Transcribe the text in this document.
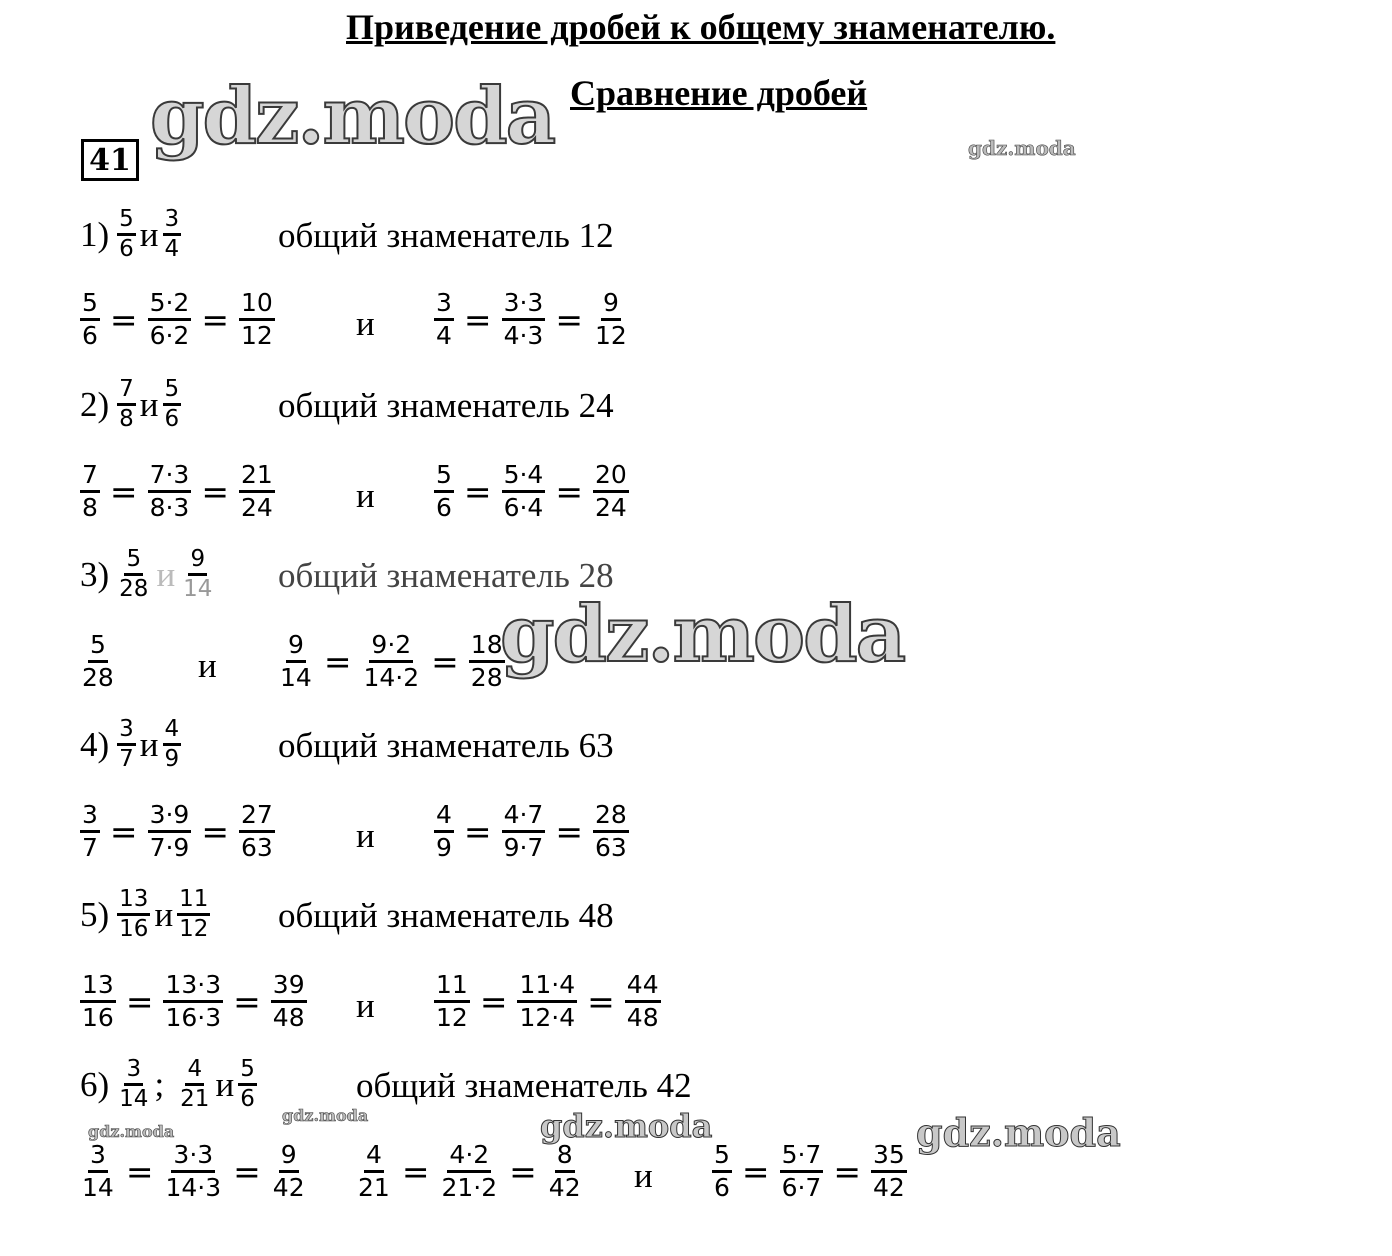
Приведение дробей к общему знаменателю.
Сравнение дробей
41 gdz.moda	gdz.moda
gdz.moda
gdz.moda
gdz.moda	gdz.moda	gdz.moda
$1) \frac{5}{6}$ и $\frac{3}{4}$	общий знаменатель 12
$\frac{5}{6} = \frac{5\cdot 2}{6\cdot 2} = \frac{10}{12}$ и $\frac{3}{4} = \frac{3\cdot 3}{4\cdot 3} = \frac{9}{12}$
$2) \frac{7}{8}$ и $\frac{5}{6}$	общий знаменатель 24
$\frac{7}{8} = \frac{7\cdot 3}{8\cdot 3} = \frac{21}{24}$ и $\frac{5}{6} = \frac{5\cdot 4}{6\cdot 4} = \frac{20}{24}$
$3) \frac{5}{28}$ и $\frac{9}{14}$ общий знаменатель 28
$\frac{5}{28}$ и $\frac{9}{14} = \frac{9\cdot 2}{14\cdot 2} = \frac{18}{28}$
$4) \frac{3}{7}$ и $\frac{4}{9}$	общий знаменатель 63
$\frac{3}{7} = \frac{3\cdot 9}{7\cdot 9} = \frac{27}{63}$ и $\frac{4}{9} = \frac{4\cdot 7}{9\cdot 7} = \frac{28}{63}$
$5) \frac{13}{16}$ и $\frac{11}{12}$ общий знаменатель 48
$\frac{13}{16} = \frac{13\cdot 3}{16\cdot 3} = \frac{39}{48}$ и $\frac{11}{12} = \frac{11\cdot 4}{12\cdot 4} = \frac{44}{48}$
$6) \frac{3}{14}$ ; $\frac{4}{21}$ и $\frac{5}{6}$	общий знаменатель 42
$\frac{3}{14} = \frac{3\cdot 3}{14\cdot 3} = \frac{9}{42} \frac{4}{21} = \frac{4\cdot 2}{21\cdot 2} = \frac{8}{42}$ и $\frac{5}{6} = \frac{5\cdot 7}{6\cdot 7} = \frac{35}{42}$
